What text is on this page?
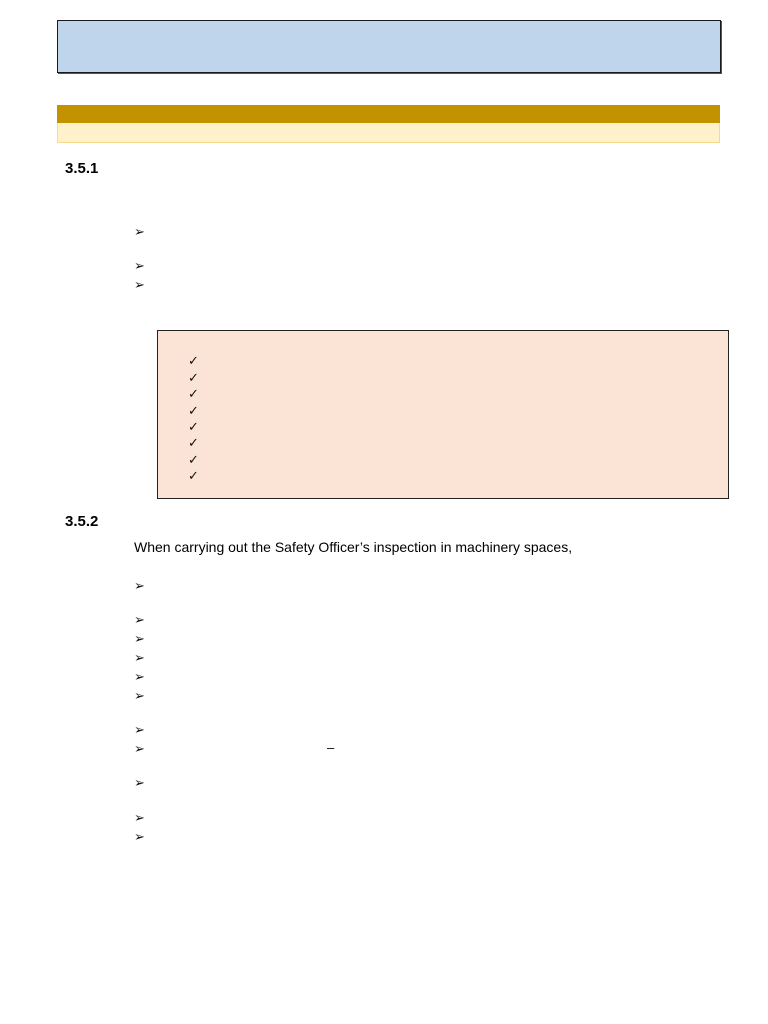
3.5.1
➢
➢
➢
✓
✓
✓
✓
✓
✓
✓
✓
3.5.2
When carrying out the Safety Officer’s inspection in machinery spaces,
➢
➢
➢
➢
➢
➢
➢
➢	–
➢
➢
➢
